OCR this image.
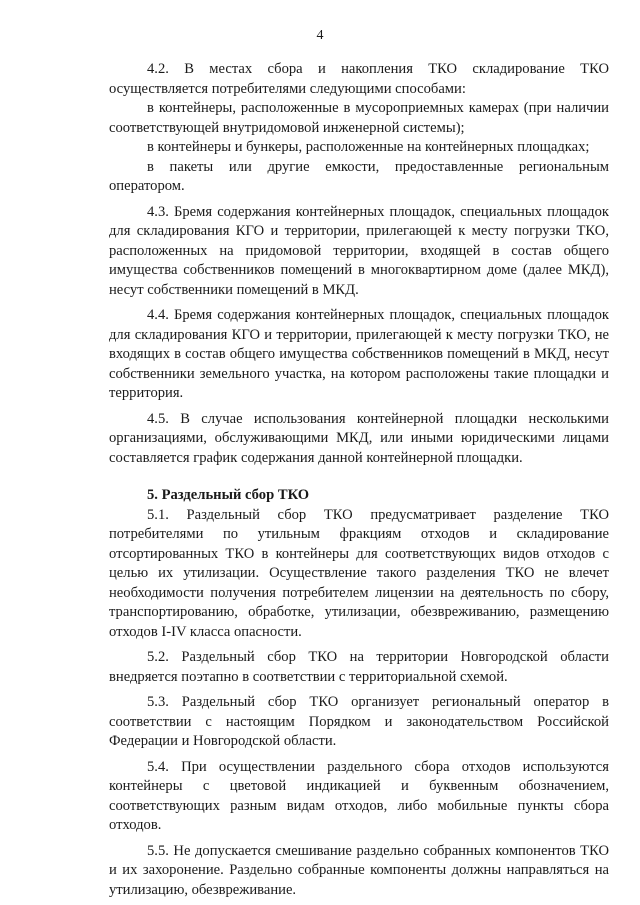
4

4.2. В местах сбора и накопления ТКО складирование ТКО осуществляется потребителями следующими способами:

в контейнеры, расположенные в мусороприемных камерах (при наличии соответствующей внутридомовой инженерной системы);

в контейнеры и бункеры, расположенные на контейнерных площадках;

в пакеты или другие емкости, предоставленные региональным оператором.

4.3. Бремя содержания контейнерных площадок, специальных площадок для складирования КГО и территории, прилегающей к месту погрузки ТКО, расположенных на придомовой территории, входящей в состав общего имущества собственников помещений в многоквартирном доме (далее МКД), несут собственники помещений в МКД.

4.4. Бремя содержания контейнерных площадок, специальных площадок для складирования КГО и территории, прилегающей к месту погрузки ТКО, не входящих в состав общего имущества собственников помещений в МКД, несут собственники земельного участка, на котором расположены такие площадки и территория.

4.5. В случае использования контейнерной площадки несколькими организациями, обслуживающими МКД, или иными юридическими лицами составляется график содержания данной контейнерной площадки.

5. Раздельный сбор ТКО

5.1. Раздельный сбор ТКО предусматривает разделение ТКО потребителями по утильным фракциям отходов и складирование отсортированных ТКО в контейнеры для соответствующих видов отходов с целью их утилизации. Осуществление такого разделения ТКО не влечет необходимости получения потребителем лицензии на деятельность по сбору, транспортированию, обработке, утилизации, обезвреживанию, размещению отходов I-IV класса опасности.

5.2. Раздельный сбор ТКО на территории Новгородской области внедряется поэтапно в соответствии с территориальной схемой.

5.3. Раздельный сбор ТКО организует региональный оператор в соответствии с настоящим Порядком и законодательством Российской Федерации и Новгородской области.

5.4. При осуществлении раздельного сбора отходов используются контейнеры с цветовой индикацией и буквенным обозначением, соответствующих разным видам отходов, либо мобильные пункты сбора отходов.

5.5. Не допускается смешивание раздельно собранных компонентов ТКО и их захоронение. Раздельно собранные компоненты должны направляться на утилизацию, обезвреживание.
